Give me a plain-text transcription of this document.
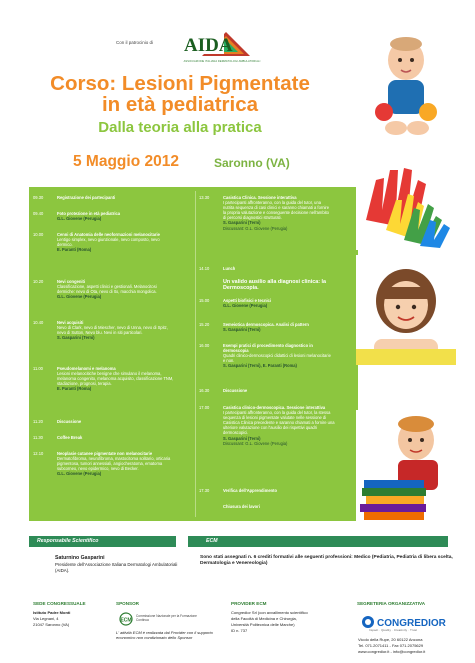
Con il patrocinio di AIDA
ASSOCIAZIONE ITALIANA DERMATOLOGI AMBULATORIALI
Corso: Lesioni Pigmentate
in età pediatrica
Dalla teoria alla pratica
5 Maggio 2012	Saronno (VA)
09.30	Registrazione dei partecipanti
09.40	Foto protezione in età pediatrica
G.L. Giovene (Perugia)
10.00	Cenni di Anatomia delle neoformazioni melanocitarie
Lentigo simplex, nevo giunzionale, nevo composto, nevo dermico.
E. Paranti (Roma)
10.20	Nevi congeniti
Classificazione, aspetti clinici e gestionali. Melanocitosi dermiche: nevo di Ota, nevo di Ito, macchia mongolica.
G.L. Giovene (Perugia)
10.40	Nevi acquisiti
Nevo di Clark, nevo di Miescher, nevo di Unna, nevo di Spitz, nevo di Sutton, Nevo blu. Nevi in siti particolari.
S. Gasparini (Terni)
11.00	Pseudomelanomi e melanoma
Lesioni melanocitiche benigne che simulano il melanoma, melanoma congenito, melanoma acquisito, classificazione TNM, stadiazione, prognosi, terapia.
E. Paranti (Roma)
11.20	Discussione
11.30	Coffee Break
12.10	Neoplasie cutanee pigmentate non melanocitarie
Dermatofibroma, neurofibroma, mastocitoma solitario, orticaria pigmentosa, tumori annessiali, angiocheratoma, ematoma subcorneo, nevo epidermico, nevo di Becker.
G.L. Giovene (Perugia)
13.30	Casistica Clinica. Sessione interattiva
I partecipanti affronteranno, con la guida del tutor, una nutrita sequenza di casi clinici e saranno chiamati a fornire la propria valutazione e conseguente decisione nell'ambito di percorsi diagnostici strutturati.
S. Gasparini (Terni)
Discussant: G.L. Giovene (Perugia)
14.10	Lunch
Un valido ausilio alla diagnosi clinica: la Dermoscopia.
15.00	Aspetti biofisici e tecnici
G.L. Giovene (Perugia)
15.20	Semeiotica dermoscopica. Analisi di pattern
S. Gasparini (Terni)
16.00	Esempi pratici di procedimento diagnostico in dermoscopia
Quadri clinico-dermoscopici didattici di lesioni melanocitarie e non.
S. Gasparini (Terni), E. Paranti (Roma)
16.30	Discussione
17.00	Casistica clinico-dermoscopica. Sessione interattiva
I partecipanti affronteranno, con la guida del tutor, la stessa sequenza di lesioni pigmentate valutate nelle sessione di Casistica Clinica precedente e saranno chiamati a fornire una ulteriore valutazione con l'ausilio dei rispettivi quadri dermoscopici.
S. Gasparini (Terni)
Discussant: G.L. Giovene (Perugia)
17.30	Verifica dell'Apprendimento
Chiusura dei lavori
Responsabile Scientifico
Saturnino Gasparini
Presidente dell'Associazione Italiana Dermatologi Ambulatoriali (AIDA).
ECM
Sono stati assegnati n. 6 crediti formativi alle seguenti professioni: Medico (Pediatria, Pediatria di libera scelta, Dermatologia e Venereologia)
SEDE CONGRESSUALE
Istituto Padre Monti
Via Legnani, 4
21047 Saronno (VA)
SPONSOR
ECM
Commissione Nazionale per la Formazione Continua
L' attività ECM è realizzata dal Provider con il supporto economico non condizionato dello Sponsor
PROVIDER ECM
Congredior Srl (con avvallimento scientifico
della Facoltà di Medicina e Chirurgia,
Università Politecnica delle Marche)
ID n. 737
SEGRETERIA ORGANIZZATIVA
CONGREDIOR
Impact · Quality · Creativity · Trust
Vicolo della Rupe, 20 60122 Ancona
Tel. 071.2071411 - Fax 071.2075629
www.congredior.it - info@congredior.it
